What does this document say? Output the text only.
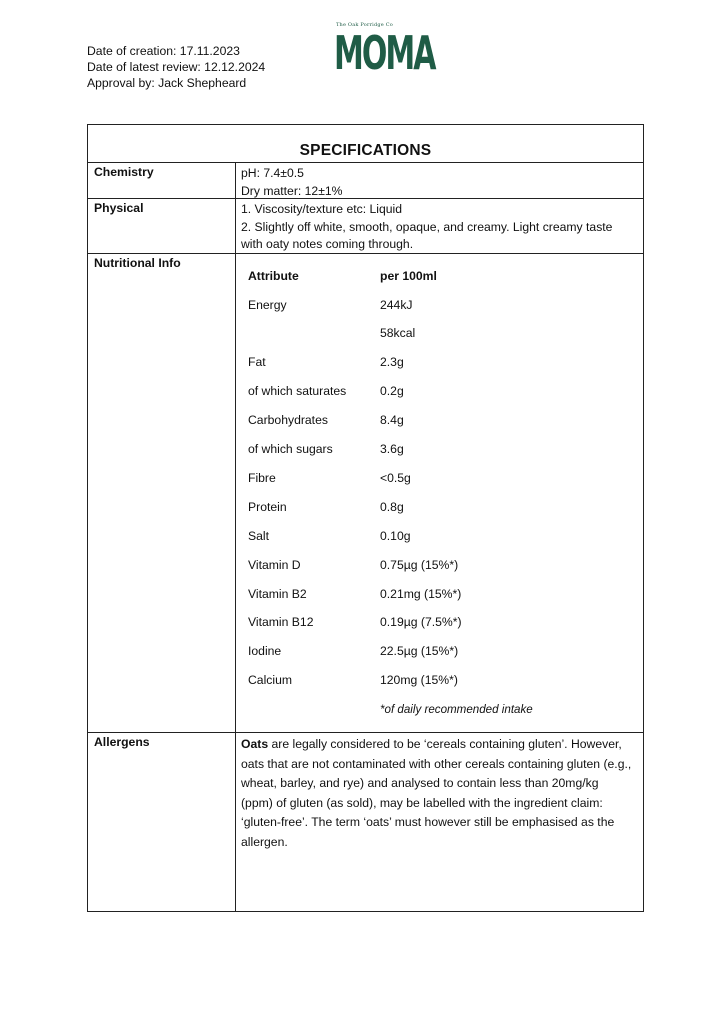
Date of creation: 17.11.2023
Date of latest review: 12.12.2024
Approval by: Jack Shepheard
The Oak Porridge Co
MOMA
SPECIFICATIONS
Chemistry	pH: 7.4±0.5
Dry matter: 12±1%
Physical	1. Viscosity/texture etc: Liquid
2. Slightly off white, smooth, opaque, and creamy. Light creamy taste with oaty notes coming through.
Nutritional Info
Attribute	per 100ml
Energy	244kJ
58kcal
Fat	2.3g
of which saturates	0.2g
Carbohydrates	8.4g
of which sugars	3.6g
Fibre	<0.5g
Protein	0.8g
Salt	0.10g
Vitamin D	0.75µg (15%*)
Vitamin B2	0.21mg (15%*)
Vitamin B12	0.19µg (7.5%*)
Iodine	22.5µg (15%*)
Calcium	120mg (15%*)
*of daily recommended intake
Allergens	Oats are legally considered to be ‘cereals containing gluten’. However, oats that are not contaminated with other cereals containing gluten (e.g., wheat, barley, and rye) and analysed to contain less than 20mg/kg (ppm) of gluten (as sold), may be labelled with the ingredient claim: ‘gluten-free’. The term ‘oats’ must however still be emphasised as the allergen.
